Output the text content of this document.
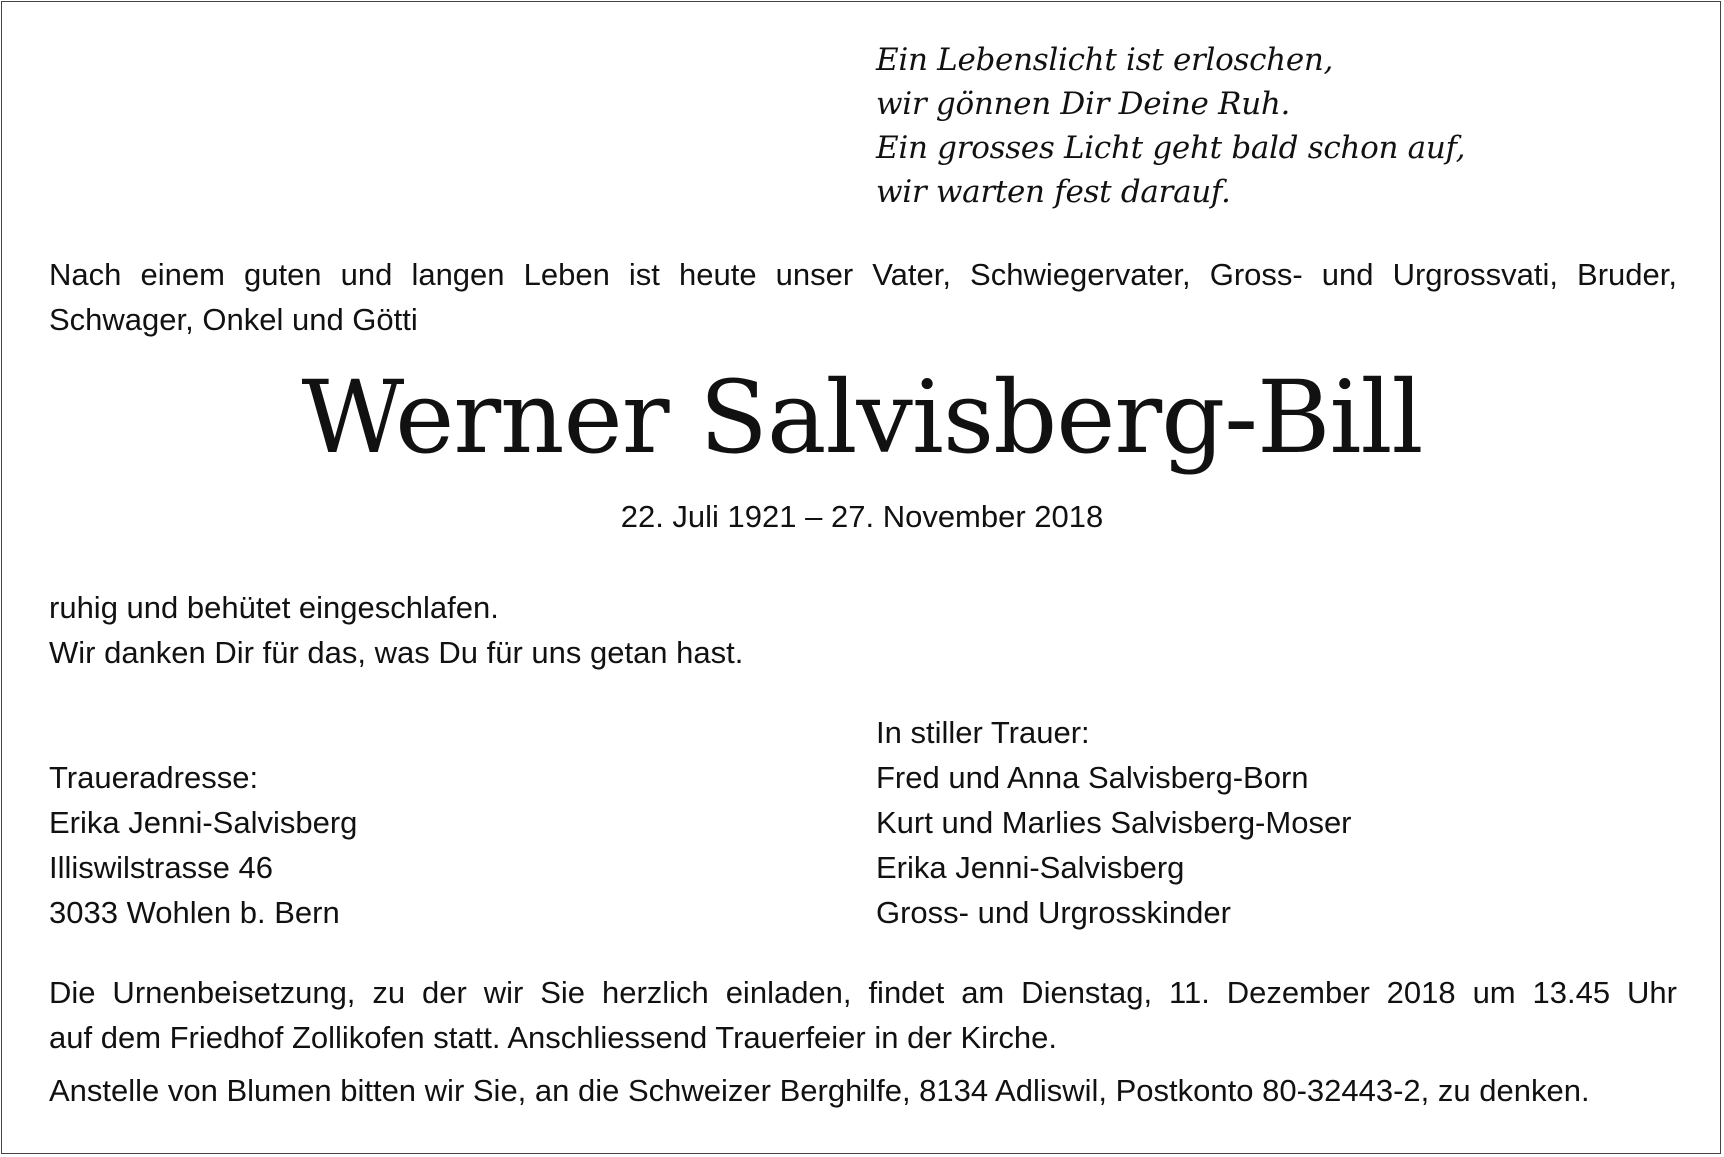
Ein Lebenslicht ist erloschen,
wir gönnen Dir Deine Ruh.
Ein grosses Licht geht bald schon auf,
wir warten fest darauf.
Nach einem guten und langen Leben ist heute unser Vater, Schwiegervater, Gross- und Urgrossvati, Bruder,
Schwager, Onkel und Götti
Werner Salvisberg-Bill
22. Juli 1921 – 27. November 2018
ruhig und behütet eingeschlafen.
Wir danken Dir für das, was Du für uns getan hast.
In stiller Trauer:
Fred und Anna Salvisberg-Born
Kurt und Marlies Salvisberg-Moser
Erika Jenni-Salvisberg
Gross- und Urgrosskinder
Traueradresse:
Erika Jenni-Salvisberg
Illiswilstrasse 46
3033 Wohlen b. Bern
Die Urnenbeisetzung, zu der wir Sie herzlich einladen, findet am Dienstag, 11. Dezember 2018 um 13.45 Uhr
auf dem Friedhof Zollikofen statt. Anschliessend Trauerfeier in der Kirche.
Anstelle von Blumen bitten wir Sie, an die Schweizer Berghilfe, 8134 Adliswil, Postkonto 80-32443-2, zu denken.
